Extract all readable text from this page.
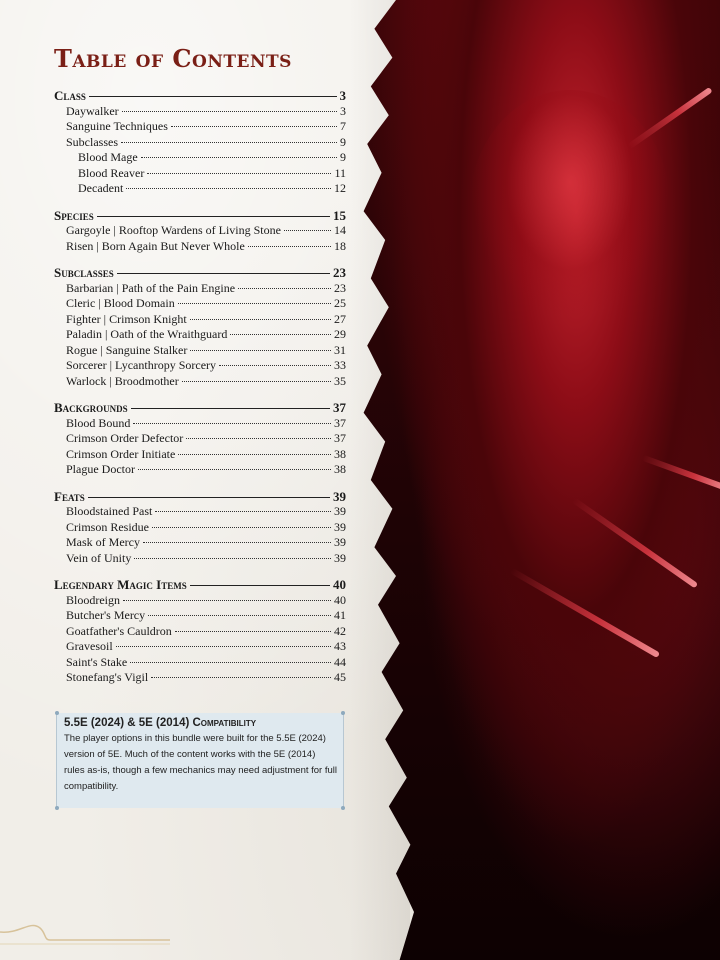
Table of Contents
Class	3
Daywalker	3
Sanguine Techniques	7
Subclasses	9
Blood Mage	9
Blood Reaver	11
Decadent	12
Species	15
Gargoyle | Rooftop Wardens of Living Stone	14
Risen | Born Again But Never Whole	18
Subclasses	23
Barbarian | Path of the Pain Engine	23
Cleric | Blood Domain	25
Fighter | Crimson Knight	27
Paladin | Oath of the Wraithguard	29
Rogue | Sanguine Stalker	31
Sorcerer | Lycanthropy Sorcery	33
Warlock | Broodmother	35
Backgrounds	37
Blood Bound	37
Crimson Order Defector	37
Crimson Order Initiate	38
Plague Doctor	38
Feats	39
Bloodstained Past	39
Crimson Residue	39
Mask of Mercy	39
Vein of Unity	39
Legendary Magic Items	40
Bloodreign	40
Butcher's Mercy	41
Goatfather's Cauldron	42
Gravesoil	43
Saint's Stake	44
Stonefang's Vigil	45
5.5E (2024) & 5E (2014) Compatibility
The player options in this bundle were built for the 5.5E (2024) version of 5E. Much of the content works with the 5E (2014) rules as-is, though a few mechanics may need adjustment for full compatibility.
